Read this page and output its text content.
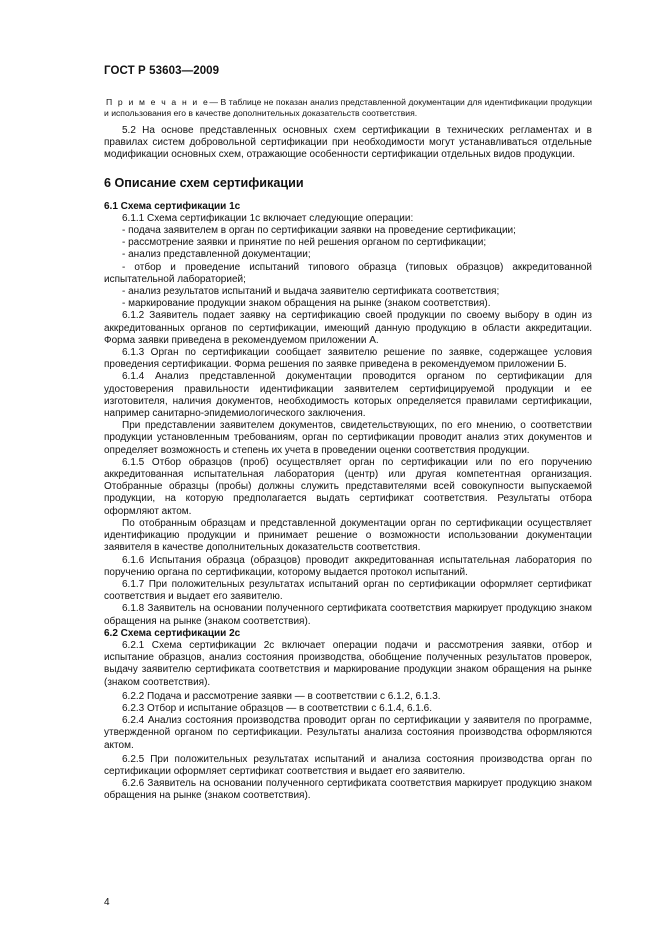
ГОСТ Р 53603—2009

П р и м е ч а н и е— В таблице не показан анализ представленной документации для идентификации продукции и использования его в качестве дополнительных доказательств соответствия.

5.2 На основе представленных основных схем сертификации в технических регламентах и в правилах систем добровольной сертификации при необходимости могут устанавливаться отдельные модификации основных схем, отражающие особенности сертификации отдельных видов продукции.

6 Описание схем сертификации

6.1 Схема сертификации 1с

6.1.1 Схема сертификации 1с включает следующие операции:

- подача заявителем в орган по сертификации заявки на проведение сертификации;

- рассмотрение заявки и принятие по ней решения органом по сертификации;

- анализ представленной документации;

- отбор и проведение испытаний типового образца (типовых образцов) аккредитованной испытательной лабораторией;

- анализ результатов испытаний и выдача заявителю сертификата соответствия;

- маркирование продукции знаком обращения на рынке (знаком соответствия).

6.1.2 Заявитель подает заявку на сертификацию своей продукции по своему выбору в один из аккредитованных органов по сертификации, имеющий данную продукцию в области аккредитации. Форма заявки приведена в рекомендуемом приложении А.

6.1.3 Орган по сертификации сообщает заявителю решение по заявке, содержащее условия проведения сертификации. Форма решения по заявке приведена в рекомендуемом приложении Б.

6.1.4 Анализ представленной документации проводится органом по сертификации для удостоверения правильности идентификации заявителем сертифицируемой продукции и ее изготовителя, наличия документов, необходимость которых определяется правилами сертификации, например санитарно-эпидемиологического заключения.

При представлении заявителем документов, свидетельствующих, по его мнению, о соответствии продукции установленным требованиям, орган по сертификации проводит анализ этих документов и определяет возможность и степень их учета в проведении оценки соответствия продукции.

6.1.5 Отбор образцов (проб) осуществляет орган по сертификации или по его поручению аккредитованная испытательная лаборатория (центр) или другая компетентная организация. Отобранные образцы (пробы) должны служить представителями всей совокупности выпускаемой продукции, на которую предполагается выдать сертификат соответствия. Результаты отбора оформляют актом.

По отобранным образцам и представленной документации орган по сертификации осуществляет идентификацию продукции и принимает решение о возможности использовании документации заявителя в качестве дополнительных доказательств соответствия.

6.1.6 Испытания образца (образцов) проводит аккредитованная испытательная лаборатория по поручению органа по сертификации, которому выдается протокол испытаний.

6.1.7 При положительных результатах испытаний орган по сертификации оформляет сертификат соответствия и выдает его заявителю.

6.1.8 Заявитель на основании полученного сертификата соответствия маркирует продукцию знаком обращения на рынке (знаком соответствия).

6.2 Схема сертификации 2с

6.2.1 Схема сертификации 2с включает операции подачи и рассмотрения заявки, отбор и испытание образцов, анализ состояния производства, обобщение полученных результатов проверок, выдачу заявителю сертификата соответствия и маркирование продукции знаком обращения на рынке (знаком соответствия).

6.2.2 Подача и рассмотрение заявки — в соответствии с 6.1.2, 6.1.3.

6.2.3 Отбор и испытание образцов — в соответствии с 6.1.4, 6.1.6.

6.2.4 Анализ состояния производства проводит орган по сертификации у заявителя по программе, утвержденной органом по сертификации. Результаты анализа состояния производства оформляются актом.

6.2.5 При положительных результатах испытаний и анализа состояния производства орган по сертификации оформляет сертификат соответствия и выдает его заявителю.

6.2.6 Заявитель на основании полученного сертификата соответствия маркирует продукцию знаком обращения на рынке (знаком соответствия).

4
